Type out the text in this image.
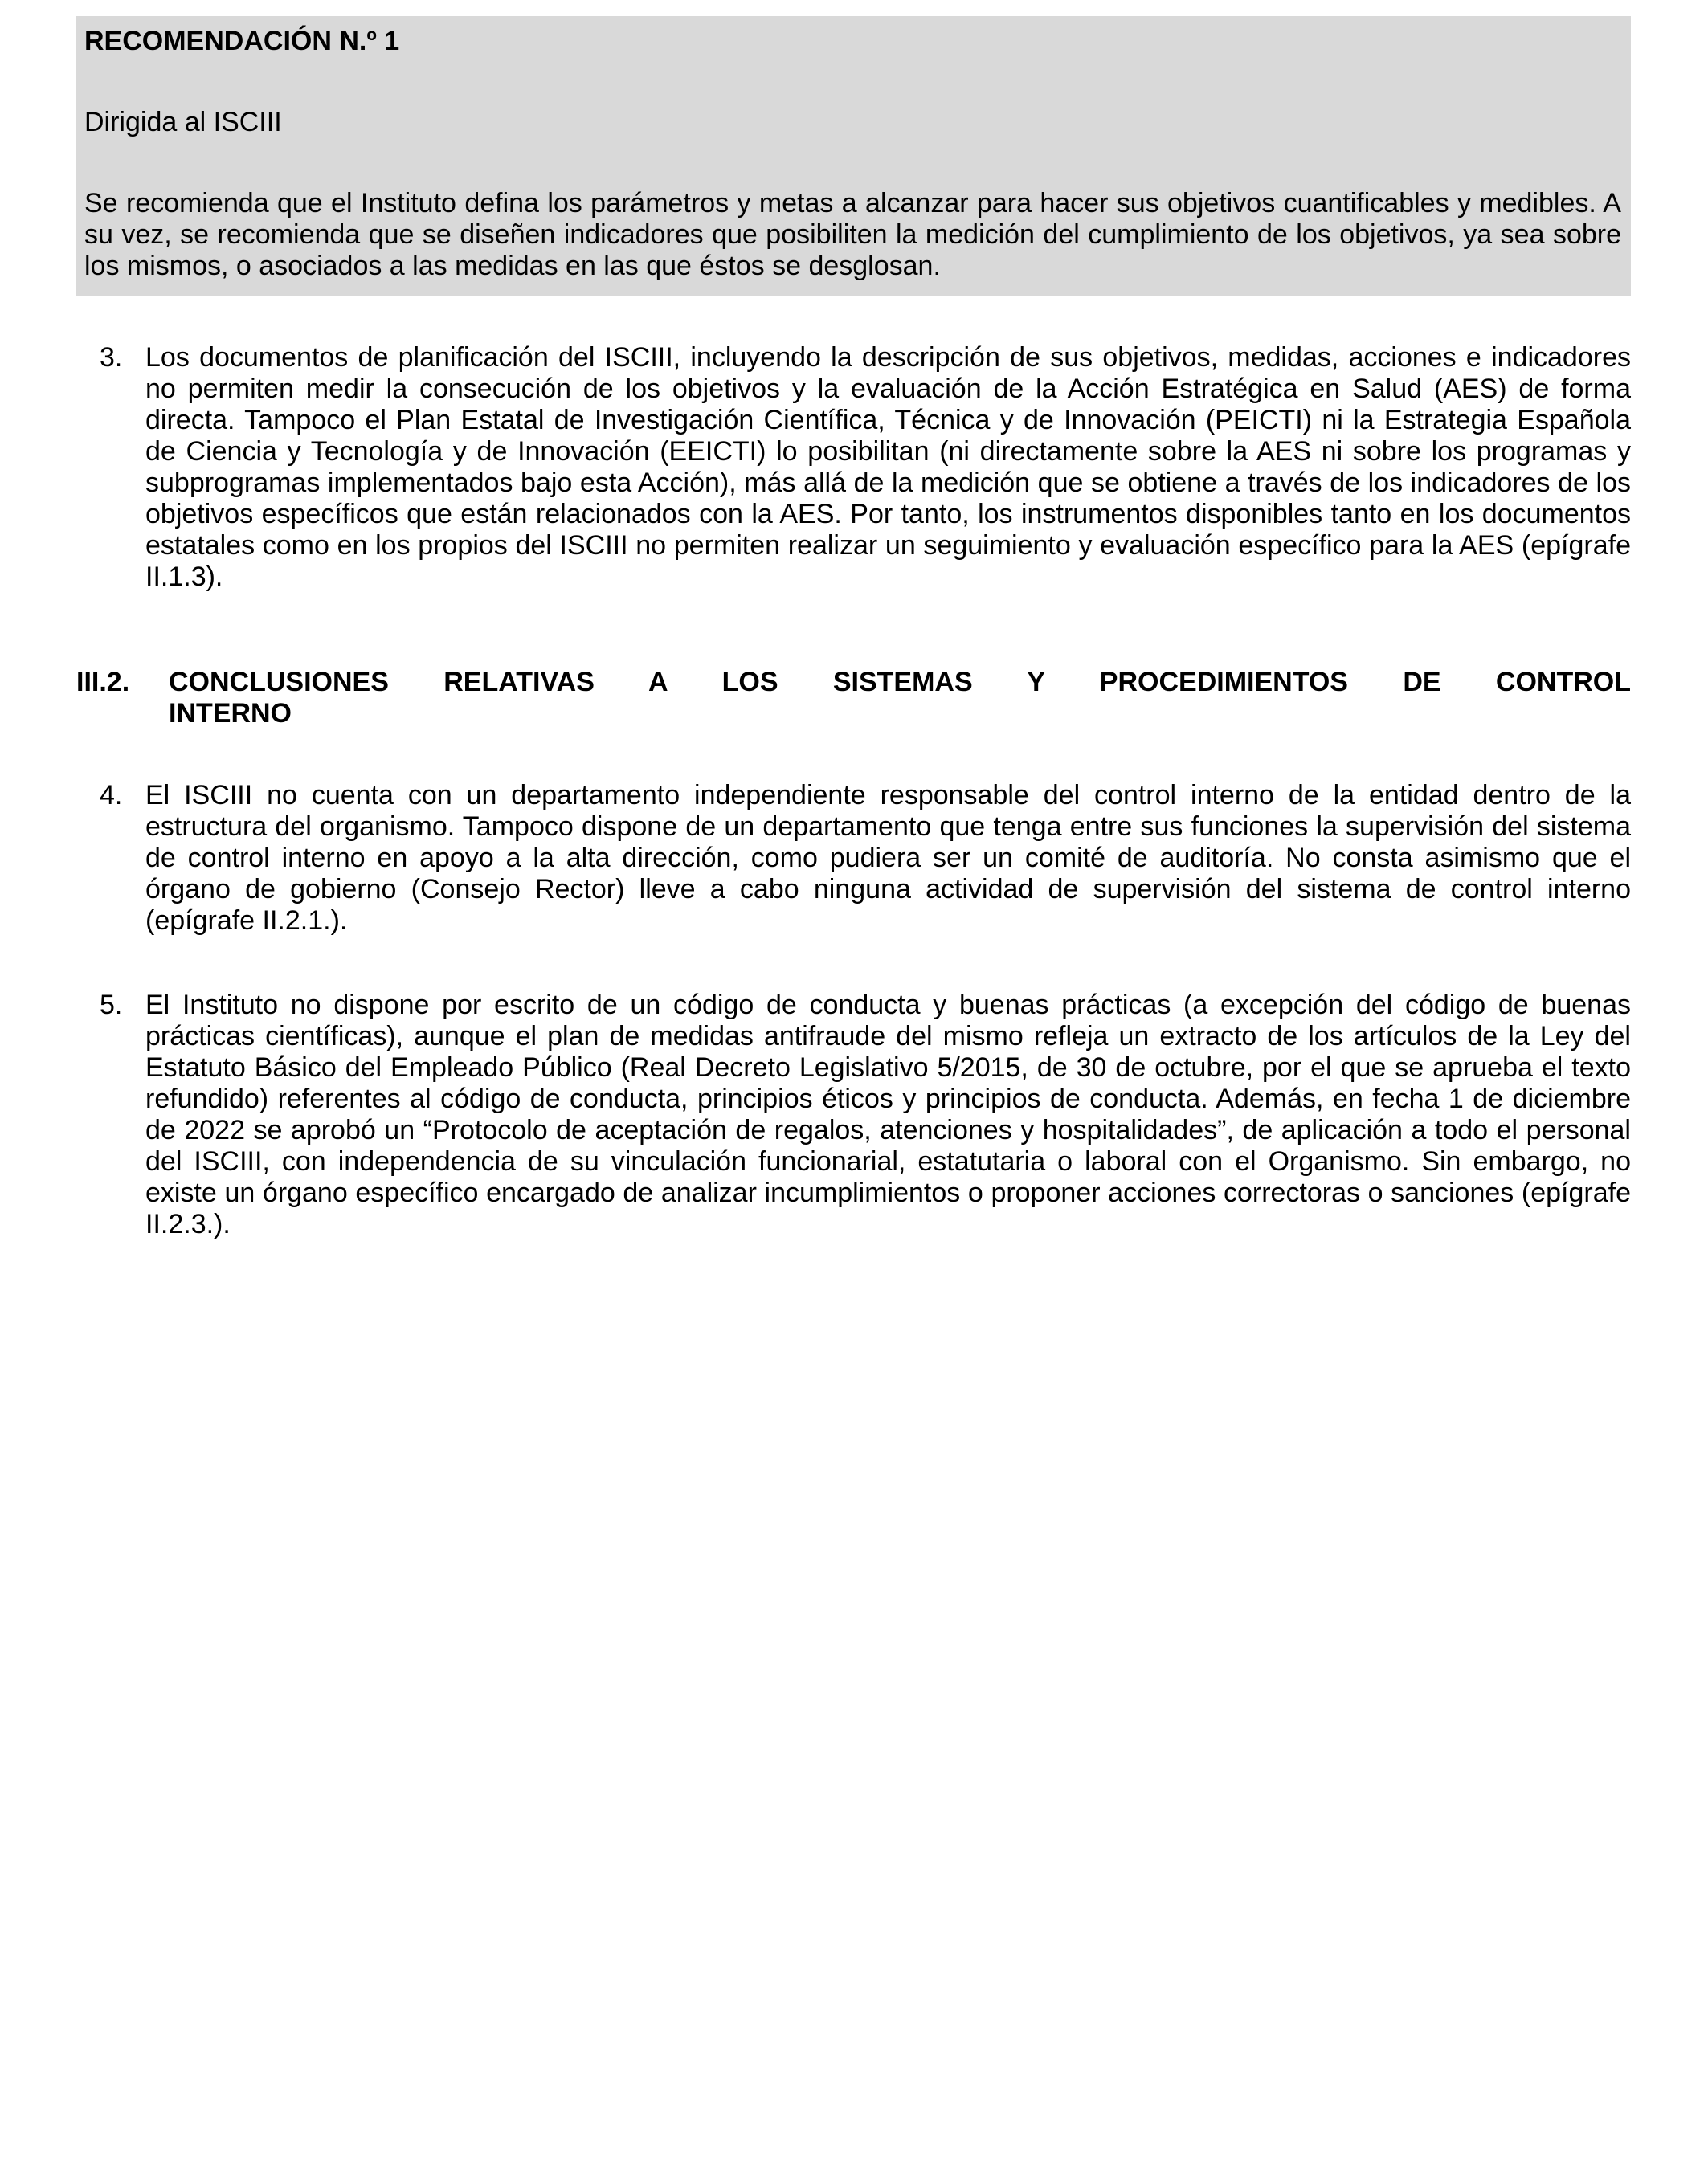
RECOMENDACIÓN N.º 1

Dirigida al ISCIII

Se recomienda que el Instituto defina los parámetros y metas a alcanzar para hacer sus objetivos cuantificables y medibles. A su vez, se recomienda que se diseñen indicadores que posibiliten la medición del cumplimiento de los objetivos, ya sea sobre los mismos, o asociados a las medidas en las que éstos se desglosan.

3. Los documentos de planificación del ISCIII, incluyendo la descripción de sus objetivos, medidas, acciones e indicadores no permiten medir la consecución de los objetivos y la evaluación de la Acción Estratégica en Salud (AES) de forma directa. Tampoco el Plan Estatal de Investigación Científica, Técnica y de Innovación (PEICTI) ni la Estrategia Española de Ciencia y Tecnología y de Innovación (EEICTI) lo posibilitan (ni directamente sobre la AES ni sobre los programas y subprogramas implementados bajo esta Acción), más allá de la medición que se obtiene a través de los indicadores de los objetivos específicos que están relacionados con la AES. Por tanto, los instrumentos disponibles tanto en los documentos estatales como en los propios del ISCIII no permiten realizar un seguimiento y evaluación específico para la AES (epígrafe II.1.3).
III.2.	CONCLUSIONES RELATIVAS A LOS SISTEMAS Y PROCEDIMIENTOS DE CONTROL
INTERNO
4. El ISCIII no cuenta con un departamento independiente responsable del control interno de la entidad dentro de la estructura del organismo. Tampoco dispone de un departamento que tenga entre sus funciones la supervisión del sistema de control interno en apoyo a la alta dirección, como pudiera ser un comité de auditoría. No consta asimismo que el órgano de gobierno (Consejo Rector) lleve a cabo ninguna actividad de supervisión del sistema de control interno (epígrafe II.2.1.).
5. El Instituto no dispone por escrito de un código de conducta y buenas prácticas (a excepción del código de buenas prácticas científicas), aunque el plan de medidas antifraude del mismo refleja un extracto de los artículos de la Ley del Estatuto Básico del Empleado Público (Real Decreto Legislativo 5/2015, de 30 de octubre, por el que se aprueba el texto refundido) referentes al código de conducta, principios éticos y principios de conducta. Además, en fecha 1 de diciembre de 2022 se aprobó un “Protocolo de aceptación de regalos, atenciones y hospitalidades”, de aplicación a todo el personal del ISCIII, con independencia de su vinculación funcionarial, estatutaria o laboral con el Organismo. Sin embargo, no existe un órgano específico encargado de analizar incumplimientos o proponer acciones correctoras o sanciones (epígrafe II.2.3.).
